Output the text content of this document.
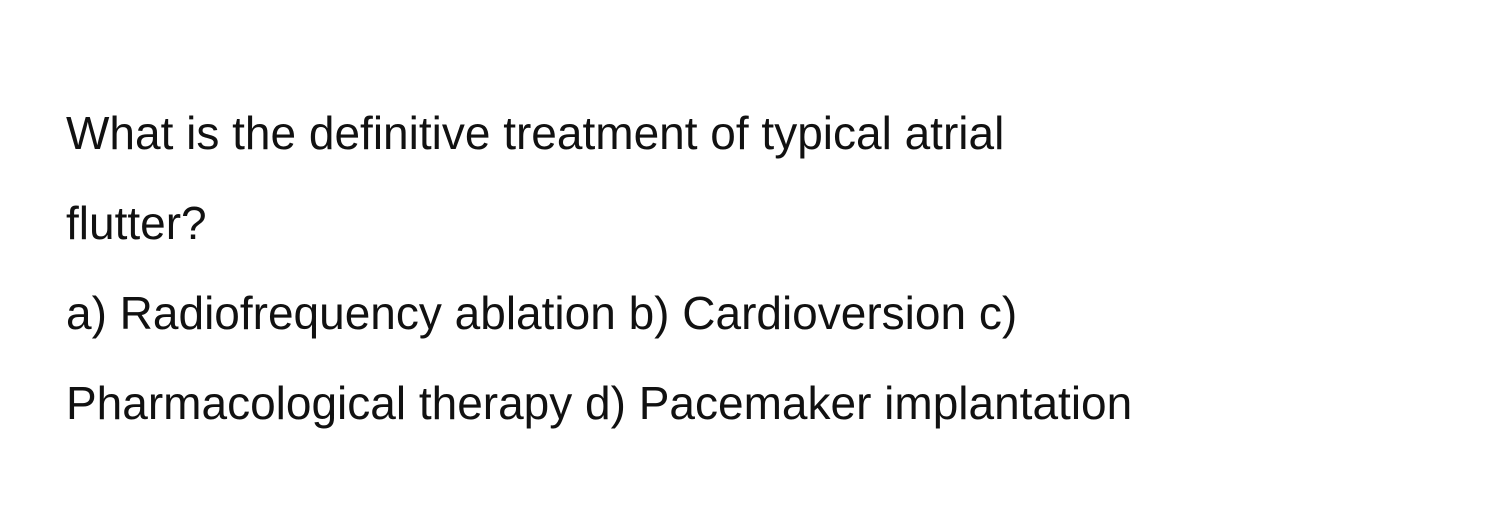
What is the definitive treatment of typical atrial
flutter?
a) Radiofrequency ablation b) Cardioversion c)
Pharmacological therapy d) Pacemaker implantation
